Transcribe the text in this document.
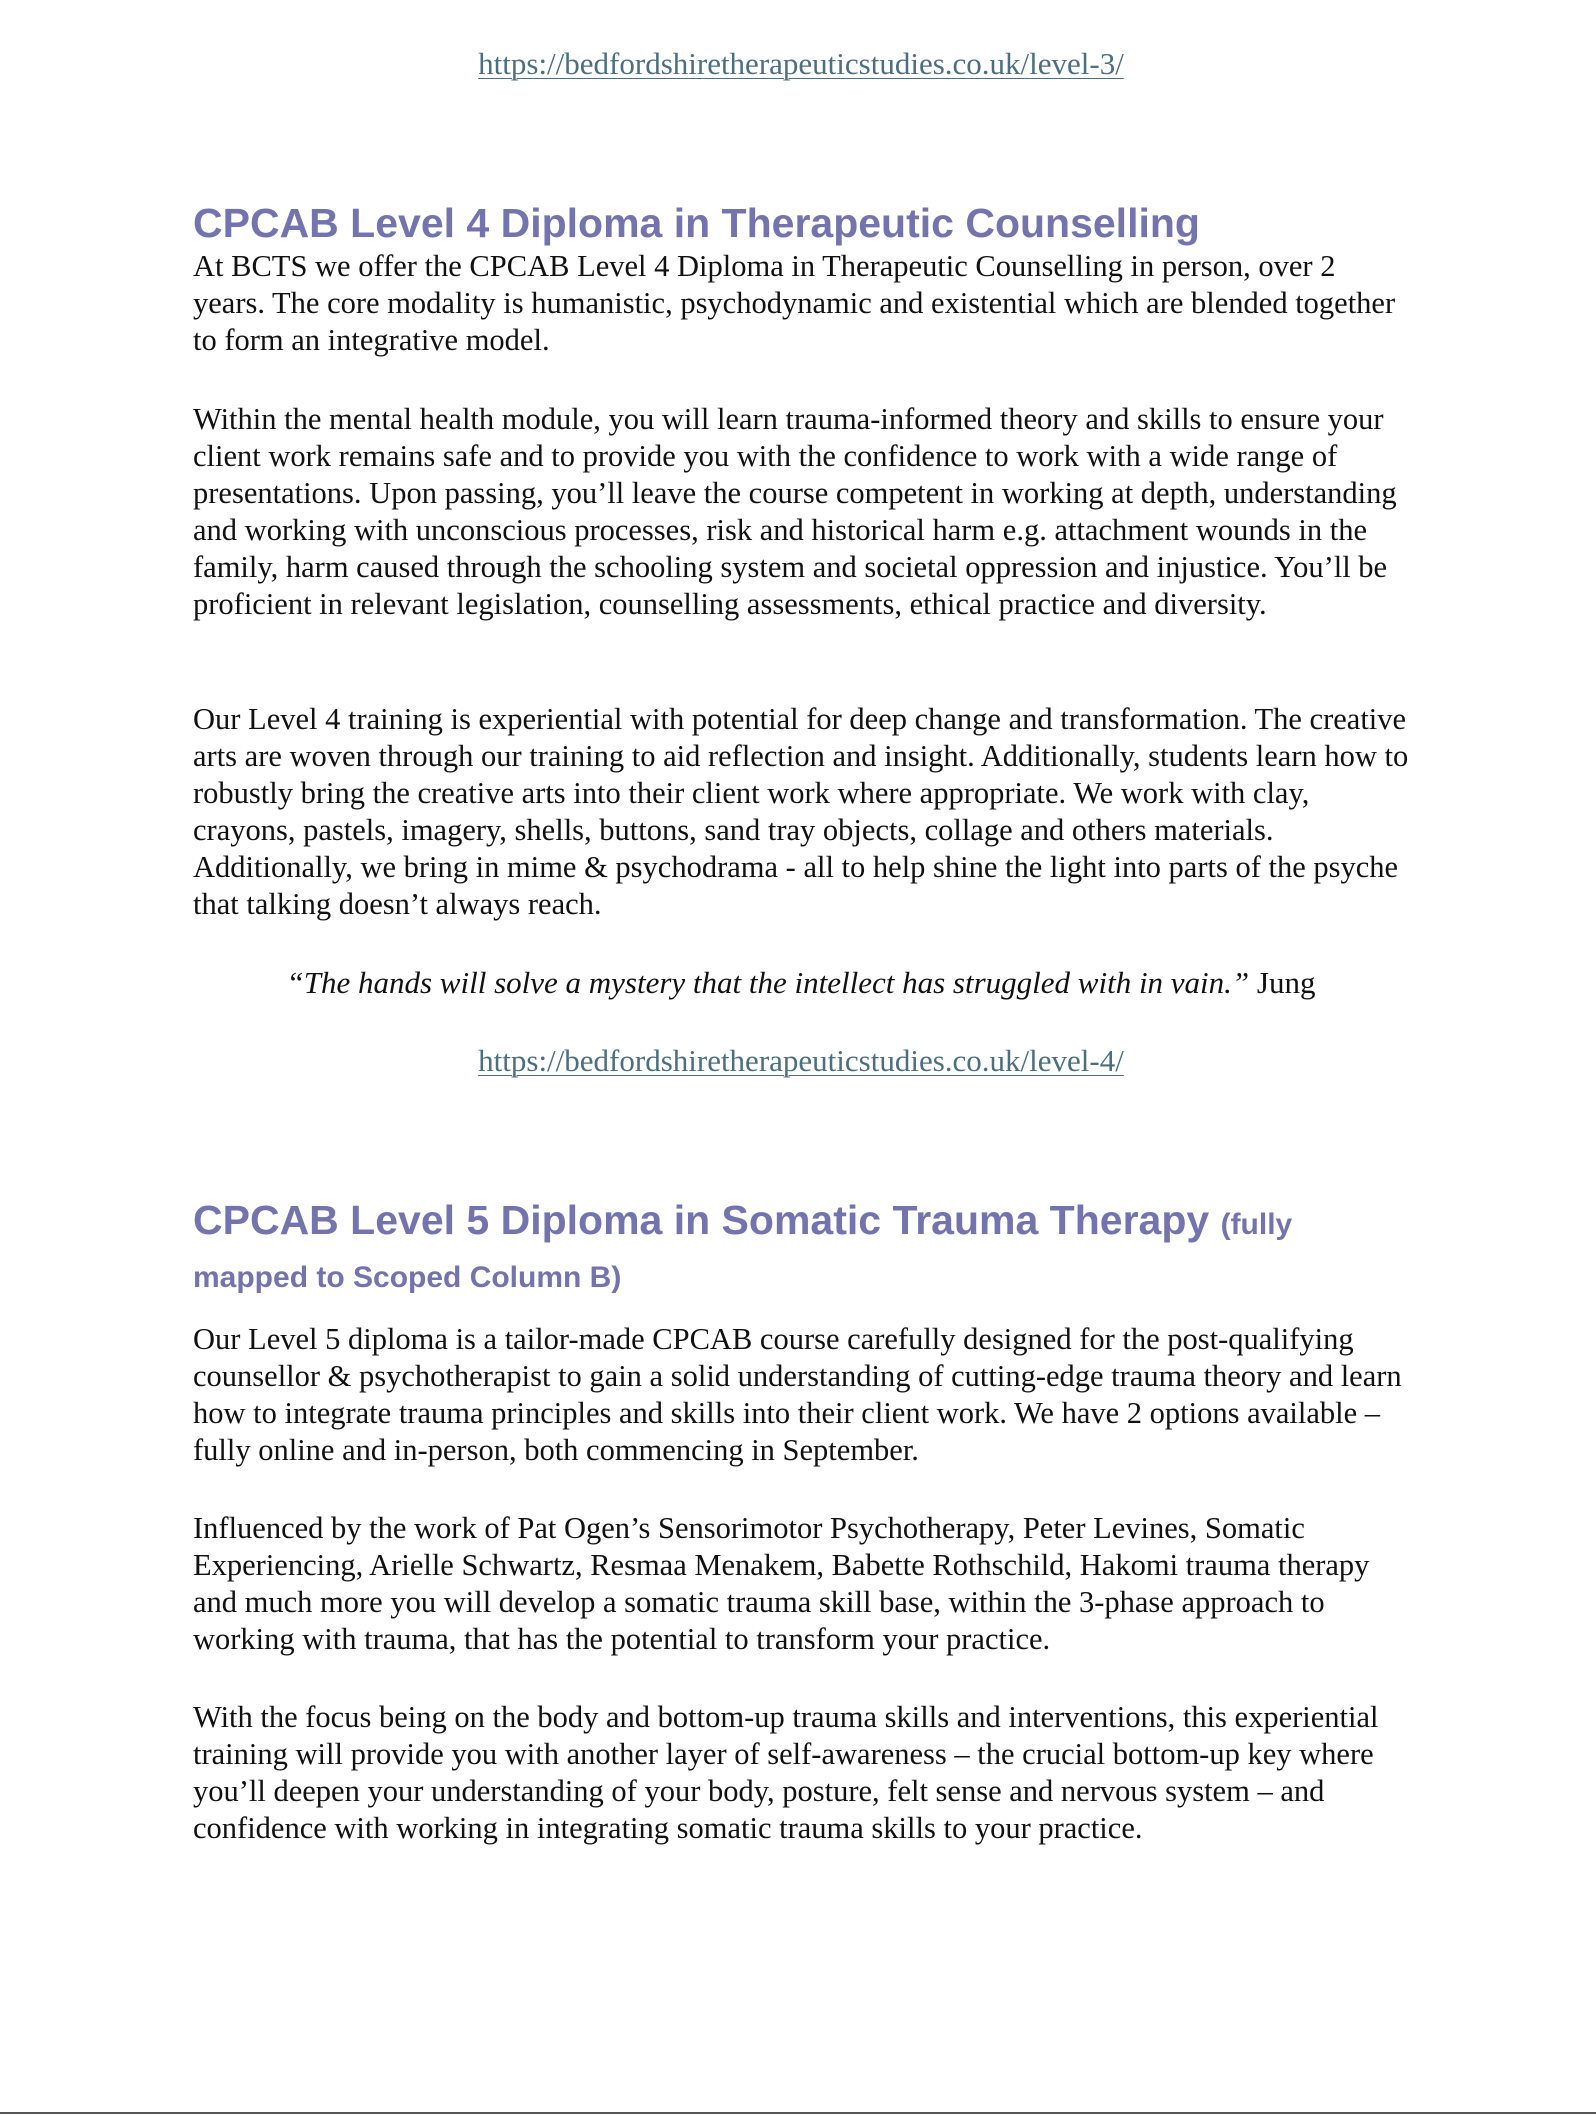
https://bedfordshiretherapeuticstudies.co.uk/level-3/
CPCAB Level 4 Diploma in Therapeutic Counselling

At BCTS we offer the CPCAB Level 4 Diploma in Therapeutic Counselling in person, over 2 years. The core modality is humanistic, psychodynamic and existential which are blended together to form an integrative model.

Within the mental health module, you will learn trauma-informed theory and skills to ensure your client work remains safe and to provide you with the confidence to work with a wide range of presentations. Upon passing, you’ll leave the course competent in working at depth, understanding and working with unconscious processes, risk and historical harm e.g. attachment wounds in the family, harm caused through the schooling system and societal oppression and injustice. You’ll be proficient in relevant legislation, counselling assessments, ethical practice and diversity.

Our Level 4 training is experiential with potential for deep change and transformation. The creative arts are woven through our training to aid reflection and insight. Additionally, students learn how to robustly bring the creative arts into their client work where appropriate. We work with clay, crayons, pastels, imagery, shells, buttons, sand tray objects, collage and others materials. Additionally, we bring in mime & psychodrama - all to help shine the light into parts of the psyche that talking doesn’t always reach.

“The hands will solve a mystery that the intellect has struggled with in vain.” Jung

https://bedfordshiretherapeuticstudies.co.uk/level-4/
CPCAB Level 5 Diploma in Somatic Trauma Therapy (fully mapped to Scoped Column B)

Our Level 5 diploma is a tailor-made CPCAB course carefully designed for the post-qualifying counsellor & psychotherapist to gain a solid understanding of cutting-edge trauma theory and learn how to integrate trauma principles and skills into their client work. We have 2 options available – fully online and in-person, both commencing in September.

Influenced by the work of Pat Ogen’s Sensorimotor Psychotherapy, Peter Levines, Somatic Experiencing, Arielle Schwartz, Resmaa Menakem, Babette Rothschild, Hakomi trauma therapy and much more you will develop a somatic trauma skill base, within the 3-phase approach to working with trauma, that has the potential to transform your practice.

With the focus being on the body and bottom-up trauma skills and interventions, this experiential training will provide you with another layer of self-awareness – the crucial bottom-up key where you’ll deepen your understanding of your body, posture, felt sense and nervous system – and confidence with working in integrating somatic trauma skills to your practice.
